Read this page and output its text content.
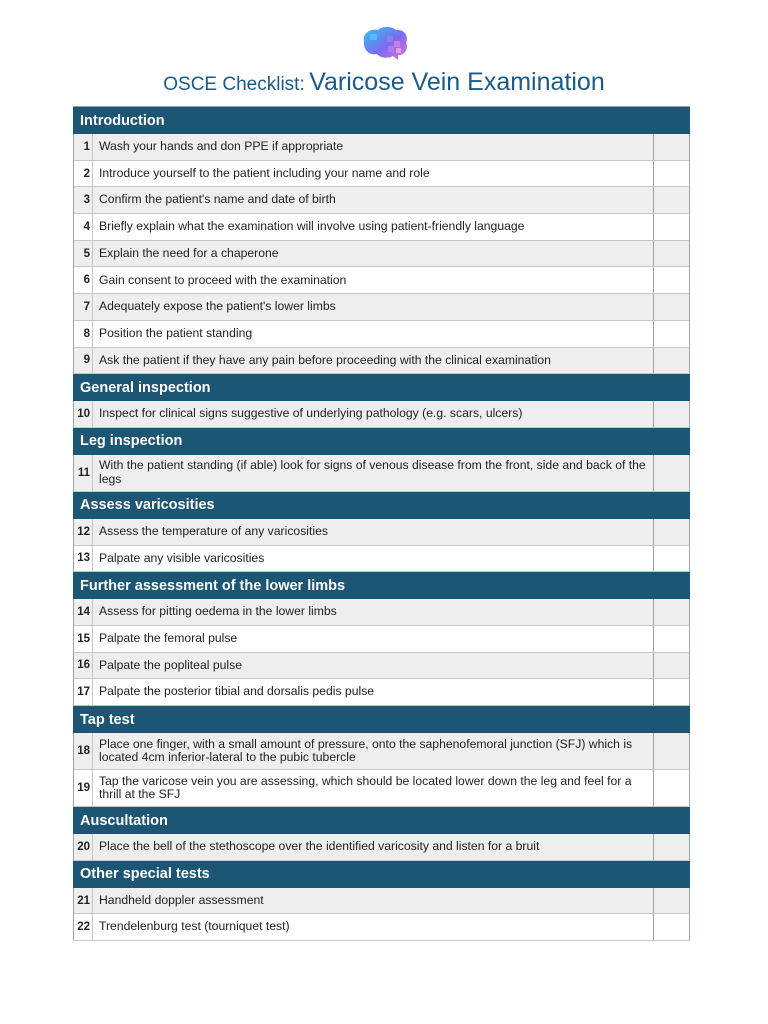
OSCE Checklist: Varicose Vein Examination
Introduction
1 Wash your hands and don PPE if appropriate
2 Introduce yourself to the patient including your name and role
3 Confirm the patient's name and date of birth
4 Briefly explain what the examination will involve using patient-friendly language
5 Explain the need for a chaperone
6 Gain consent to proceed with the examination
7 Adequately expose the patient's lower limbs
8 Position the patient standing
9 Ask the patient if they have any pain before proceeding with the clinical examination
General inspection
10 Inspect for clinical signs suggestive of underlying pathology (e.g. scars, ulcers)
Leg inspection
11
With the patient standing (if able) look for signs of venous disease from the front, side and back of the legs
Assess varicosities
12 Assess the temperature of any varicosities
13 Palpate any visible varicosities
Further assessment of the lower limbs
14 Assess for pitting oedema in the lower limbs
15 Palpate the femoral pulse
16 Palpate the popliteal pulse
17 Palpate the posterior tibial and dorsalis pedis pulse
Tap test
18
Place one finger, with a small amount of pressure, onto the saphenofemoral junction (SFJ) which is located 4cm inferior-lateral to the pubic tubercle
19
Tap the varicose vein you are assessing, which should be located lower down the leg and feel for a thrill at the SFJ
Auscultation
20 Place the bell of the stethoscope over the identified varicosity and listen for a bruit
Other special tests
21 Handheld doppler assessment
22 Trendelenburg test (tourniquet test)
